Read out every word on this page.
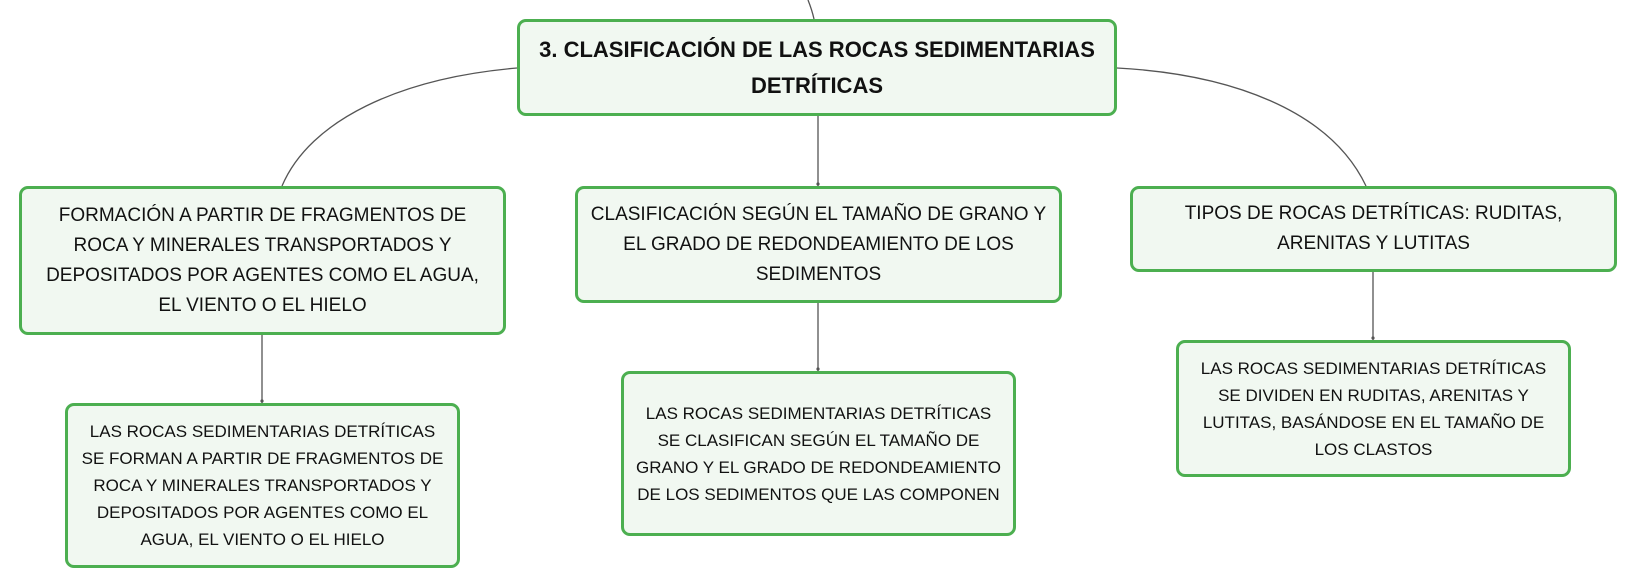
3. CLASIFICACIÓN DE LAS ROCAS SEDIMENTARIAS DETRÍTICAS
FORMACIÓN A PARTIR DE FRAGMENTOS DE ROCA Y MINERALES TRANSPORTADOS Y DEPOSITADOS POR AGENTES COMO EL AGUA, EL VIENTO O EL HIELO
CLASIFICACIÓN SEGÚN EL TAMAÑO DE GRANO Y EL GRADO DE REDONDEAMIENTO DE LOS SEDIMENTOS
TIPOS DE ROCAS DETRÍTICAS: RUDITAS, ARENITAS Y LUTITAS
LAS ROCAS SEDIMENTARIAS DETRÍTICAS SE FORMAN A PARTIR DE FRAGMENTOS DE ROCA Y MINERALES TRANSPORTADOS Y DEPOSITADOS POR AGENTES COMO EL AGUA, EL VIENTO O EL HIELO
LAS ROCAS SEDIMENTARIAS DETRÍTICAS SE CLASIFICAN SEGÚN EL TAMAÑO DE GRANO Y EL GRADO DE REDONDEAMIENTO DE LOS SEDIMENTOS QUE LAS COMPONEN
LAS ROCAS SEDIMENTARIAS DETRÍTICAS SE DIVIDEN EN RUDITAS, ARENITAS Y LUTITAS, BASÁNDOSE EN EL TAMAÑO DE LOS CLASTOS
